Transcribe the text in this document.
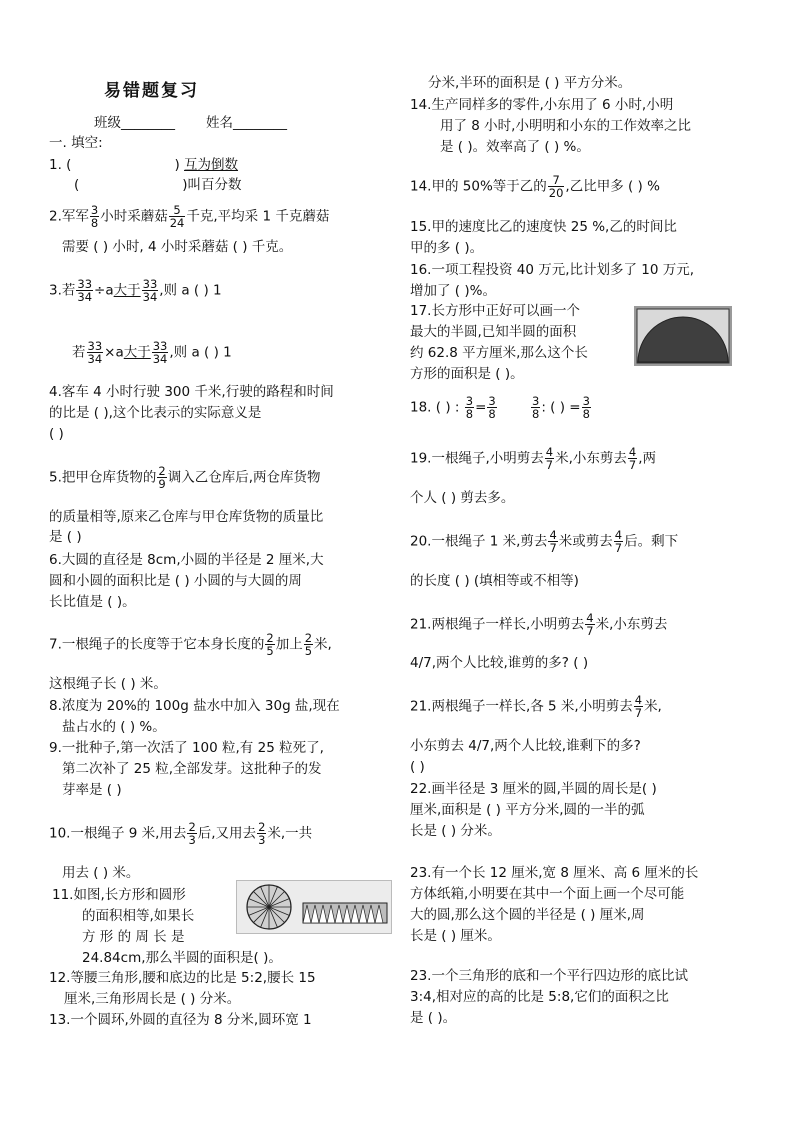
易错题复习
班级________ 姓名________
一. 填空:
1. (	) 互为倒数
(	)叫百分数
2.军军 $\frac{3}{8}$ 小时采蘑菇 $\frac{5}{24}$ 千克,平均采 1 千克蘑菇
需要 ( ) 小时, 4 小时采蘑菇 ( ) 千克。
3.若 $\frac{33}{34} \div a$大于 $\frac{33}{34}$ ,则 a ( ) 1
若 $\frac{33}{34} \times a$大于 $\frac{33}{34}$ ,则 a ( ) 1
4.客车 4 小时行驶 300 千米,行驶的路程和时间
的比是 ( ),这个比表示的实际意义是
( )
5.把甲仓库货物的 $\frac{2}{9}$ 调入乙仓库后,两仓库货物
的质量相等,原来乙仓库与甲仓库货物的质量比
是 ( )
6.大圆的直径是 8cm,小圆的半径是 2 厘米,大
圆和小圆的面积比是 ( ) 小圆的与大圆的周
长比值是 ( )。
7.一根绳子的长度等于它本身长度的 $\frac{2}{5}$ 加上 $\frac{2}{5}$ 米,
这根绳子长 ( ) 米。
8.浓度为 20%的 100g 盐水中加入 30g 盐,现在
盐占水的 ( ) %。
9.一批种子,第一次活了 100 粒,有 25 粒死了,
第二次补了 25 粒,全部发芽。这批种子的发
芽率是 ( )
10.一根绳子 9 米,用去 $\frac{2}{3}$ 后,又用去 $\frac{2}{3}$ 米,一共
用去 ( ) 米。
11.如图,长方形和圆形
的面积相等,如果长
方 形 的 周 长 是
24.84cm,那么半圆的面积是( )。
12.等腰三角形,腰和底边的比是 5:2,腰长 15
厘米,三角形周长是 ( ) 分米。
13.一个圆环,外圆的直径为 8 分米,圆环宽 1
分米,半环的面积是 ( ) 平方分米。
14.生产同样多的零件,小东用了 6 小时,小明
用了 8 小时,小明明和小东的工作效率之比
是 ( )。效率高了 ( ) %。
14.甲的 50%等于乙的 $\frac{7}{20}$ ,乙比甲多 ( ) %
15.甲的速度比乙的速度快 25 %,乙的时间比
甲的多 ( )。
16.一项工程投资 40 万元,比计划多了 10 万元,
增加了 ( )%。
17.长方形中正好可以画一个
最大的半圆,已知半圆的面积
约 62.8 平方厘米,那么这个长
方形的面积是 ( )。
18. ( ) : $\frac{3}{8} = \frac{3}{8}$
	$\frac{3}{8}$ : ( ) = $\frac{3}{8}$
19.一根绳子,小明剪去 $\frac{4}{7}$ 米,小东剪去 $\frac{4}{7}$ ,两
个人 ( ) 剪去多。
20.一根绳子 1 米,剪去 $\frac{4}{7}$ 米或剪去 $\frac{4}{7}$ 后。剩下
的长度 ( ) (填相等或不相等)
21.两根绳子一样长,小明剪去 $\frac{4}{7}$ 米,小东剪去
4/7,两个人比较,谁剪的多? ( )
21.两根绳子一样长,各 5 米,小明剪去 $\frac{4}{7}$ 米,
小东剪去 4/7,两个人比较,谁剩下的多?
( )
22.画半径是 3 厘米的圆,半圆的周长是( )
厘米,面积是 ( ) 平方分米,圆的一半的弧
长是 ( ) 分米。
23.有一个长 12 厘米,宽 8 厘米、高 6 厘米的长
方体纸箱,小明要在其中一个面上画一个尽可能
大的圆,那么这个圆的半径是 ( ) 厘米,周
长是 ( ) 厘米。
23.一个三角形的底和一个平行四边形的底比试
3:4,相对应的高的比是 5:8,它们的面积之比
是 ( )。
